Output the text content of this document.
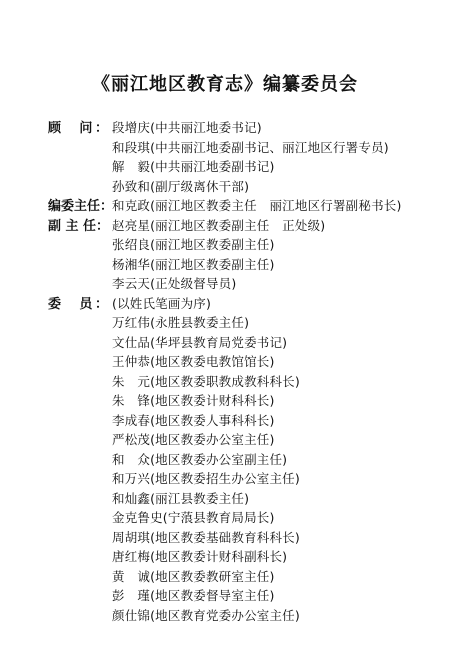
《丽江地区教育志》编纂委员会
顾　问： 段增庆(中共丽江地委书记)
和段琪(中共丽江地委副书记、丽江地区行署专员)
解　毅(中共丽江地委副书记)
孙致和(副厅级离休干部)
编委主任：
和克政(丽江地区教委主任　丽江地区行署副秘书长)
副 主 任： 赵亮星(丽江地区教委副主任　正处级)
张绍良(丽江地区教委副主任)
杨湘华(丽江地区教委副主任)
李云天(正处级督导员)
委　员： (以姓氏笔画为序)
万红伟(永胜县教委主任)
文仕品(华坪县教育局党委书记)
王仲恭(地区教委电教馆馆长)
朱　元(地区教委职教成教科科长)
朱　锋(地区教委计财科科长)
李成春(地区教委人事科科长)
严松茂(地区教委办公室主任)
和　众(地区教委办公室副主任)
和万兴(地区教委招生办公室主任)
和灿鑫(丽江县教委主任)
金克鲁史(宁蒗县教育局局长)
周胡琪(地区教委基础教育科科长)
唐红梅(地区教委计财科副科长)
黄　诚(地区教委教研室主任)
彭　瑾(地区教委督导室主任)
颜仕锦(地区教育党委办公室主任)
